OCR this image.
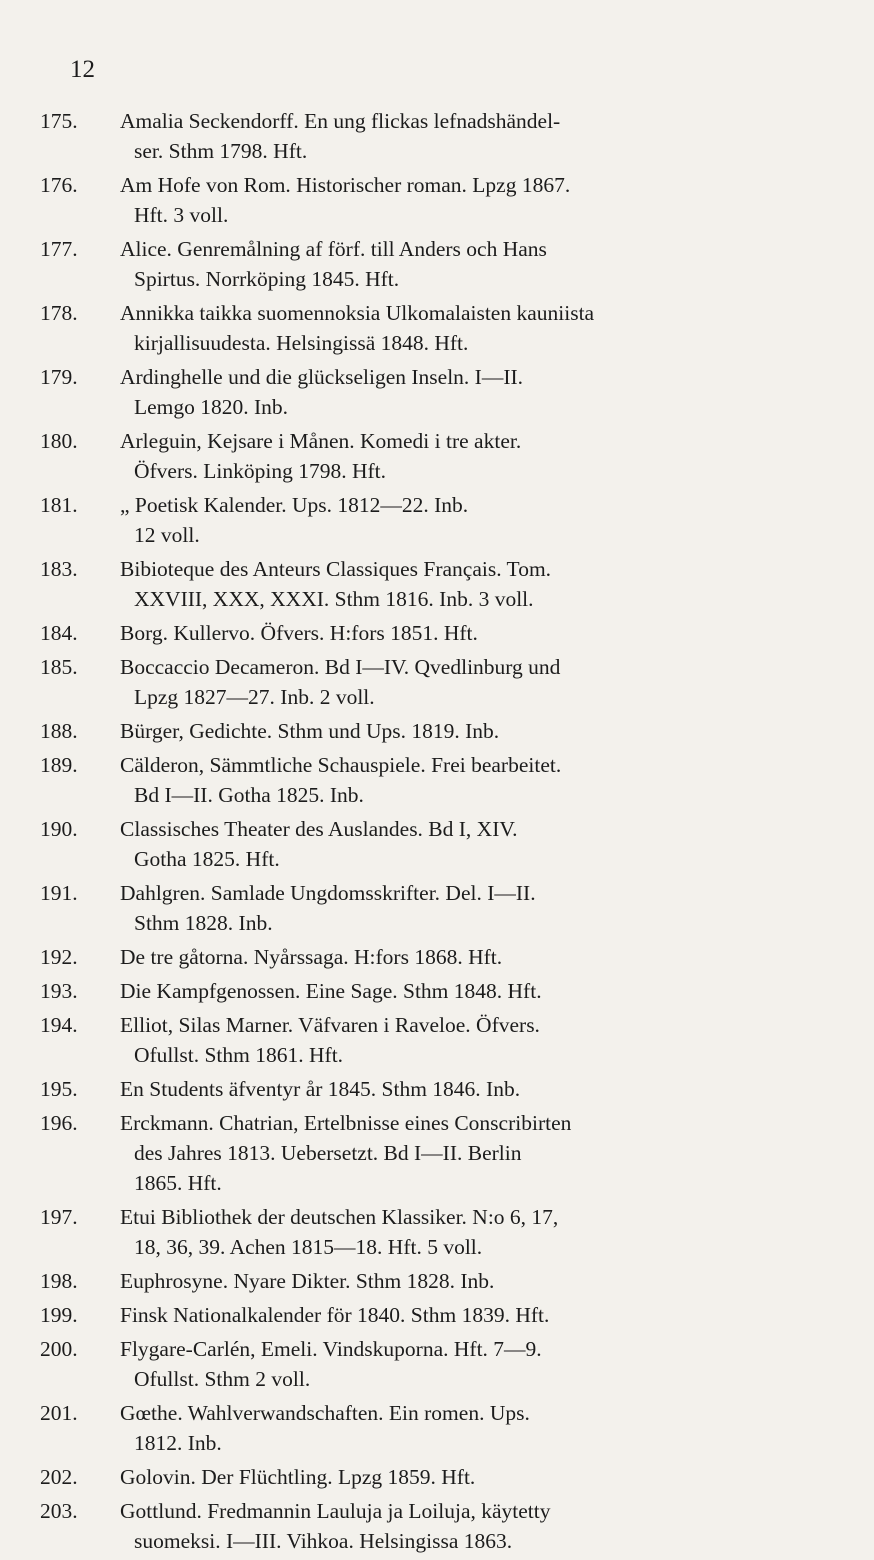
12
175.	Amalia Seckendorff. En ung flickas lefnadshändel-
ser. Sthm 1798. Hft.
176.	Am Hofe von Rom. Historischer roman. Lpzg 1867.
Hft. 3 voll.
177.	Alice. Genremålning af förf. till Anders och Hans
Spirtus. Norrköping 1845. Hft.
178.	Annikka taikka suomennoksia Ulkomalaisten kauniista
kirjallisuudesta. Helsingissä 1848. Hft.
179.	Ardinghelle und die glückseligen Inseln. I—II.
Lemgo 1820. Inb.
180.	Arleguin, Kejsare i Månen. Komedi i tre akter.
Öfvers. Linköping 1798. Hft.
181.	„ Poetisk Kalender. Ups. 1812—22. Inb.
12 voll.
183.	Bibioteque des Anteurs Classiques Français. Tom.
XXVIII, XXX, XXXI. Sthm 1816. Inb. 3 voll.
184.	Borg. Kullervo. Öfvers. H:fors 1851. Hft.
185.	Boccaccio Decameron. Bd I—IV. Qvedlinburg und
Lpzg 1827—27. Inb. 2 voll.
188.	Bürger, Gedichte. Sthm und Ups. 1819. Inb.
189.	Cälderon, Sämmtliche Schauspiele. Frei bearbeitet.
Bd I—II. Gotha 1825. Inb.
190.	Classisches Theater des Auslandes. Bd I, XIV.
Gotha 1825. Hft.
191.	Dahlgren. Samlade Ungdomsskrifter. Del. I—II.
Sthm 1828. Inb.
192.	De tre gåtorna. Nyårssaga. H:fors 1868. Hft.
193.	Die Kampfgenossen. Eine Sage. Sthm 1848. Hft.
194.	Elliot, Silas Marner. Väfvaren i Raveloe. Öfvers.
Ofullst. Sthm 1861. Hft.
195.	En Students äfventyr år 1845. Sthm 1846. Inb.
196.	Erckmann. Chatrian, Ertelbnisse eines Conscribirten
des Jahres 1813. Uebersetzt. Bd I—II. Berlin
1865. Hft.
197.	Etui Bibliothek der deutschen Klassiker. N:o 6, 17,
18, 36, 39. Achen 1815—18. Hft. 5 voll.
198.	Euphrosyne. Nyare Dikter. Sthm 1828. Inb.
199.	Finsk Nationalkalender för 1840. Sthm 1839. Hft.
200.	Flygare-Carlén, Emeli. Vindskuporna. Hft. 7—9.
Ofullst. Sthm 2 voll.
201.	Gœthe. Wahlverwandschaften. Ein romen. Ups.
1812. Inb.
202.	Golovin. Der Flüchtling. Lpzg 1859. Hft.
203.	Gottlund. Fredmannin Lauluja ja Loiluja, käytetty
suomeksi. I—III. Vihkoa. Helsingissa 1863.
